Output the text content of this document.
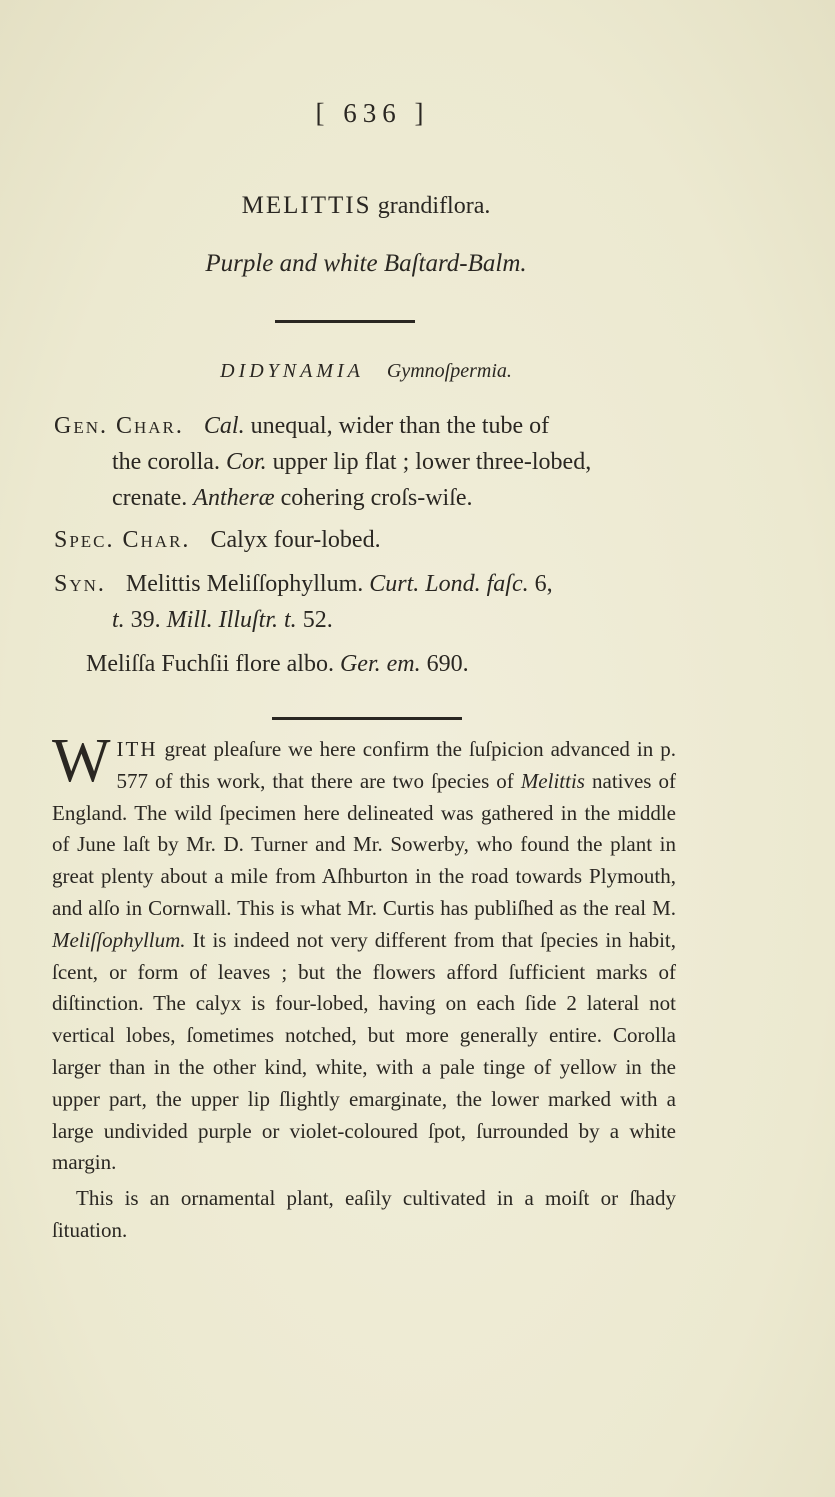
[ 636 ]
MELITTIS grandiflora.
Purple and white Baſtard-Balm.
DIDYNAMIA Gymnoſpermia.
Gen. Char. Cal. unequal, wider than the tube of
the corolla. Cor. upper lip flat ; lower three-lobed,
crenate. Antheræ cohering croſs-wiſe.
Spec. Char. Calyx four-lobed.
Syn. Melittis Meliſſophyllum. Curt. Lond. faſc. 6,
t. 39. Mill. Illuſtr. t. 52.
Meliſſa Fuchſii flore albo. Ger. em. 690.

WITH great pleaſure we here confirm the ſuſpicion advanced in p. 577 of this work, that there are two ſpecies of Melittis natives of England. The wild ſpecimen here delineated was gathered in the middle of June laſt by Mr. D. Turner and Mr. Sowerby, who found the plant in great plenty about a mile from Aſhburton in the road towards Plymouth, and alſo in Cornwall. This is what Mr. Curtis has publiſhed as the real M. Meliſſophyllum. It is indeed not very different from that ſpecies in habit, ſcent, or form of leaves ; but the flowers afford ſufficient marks of diſtinction. The calyx is four-lobed, having on each ſide 2 lateral not vertical lobes, ſometimes notched, but more generally entire. Corolla larger than in the other kind, white, with a pale tinge of yellow in the upper part, the upper lip ſlightly emarginate, the lower marked with a large undivided purple or violet-coloured ſpot, ſurrounded by a white margin.

This is an ornamental plant, eaſily cultivated in a moiſt or ſhady ſituation.
